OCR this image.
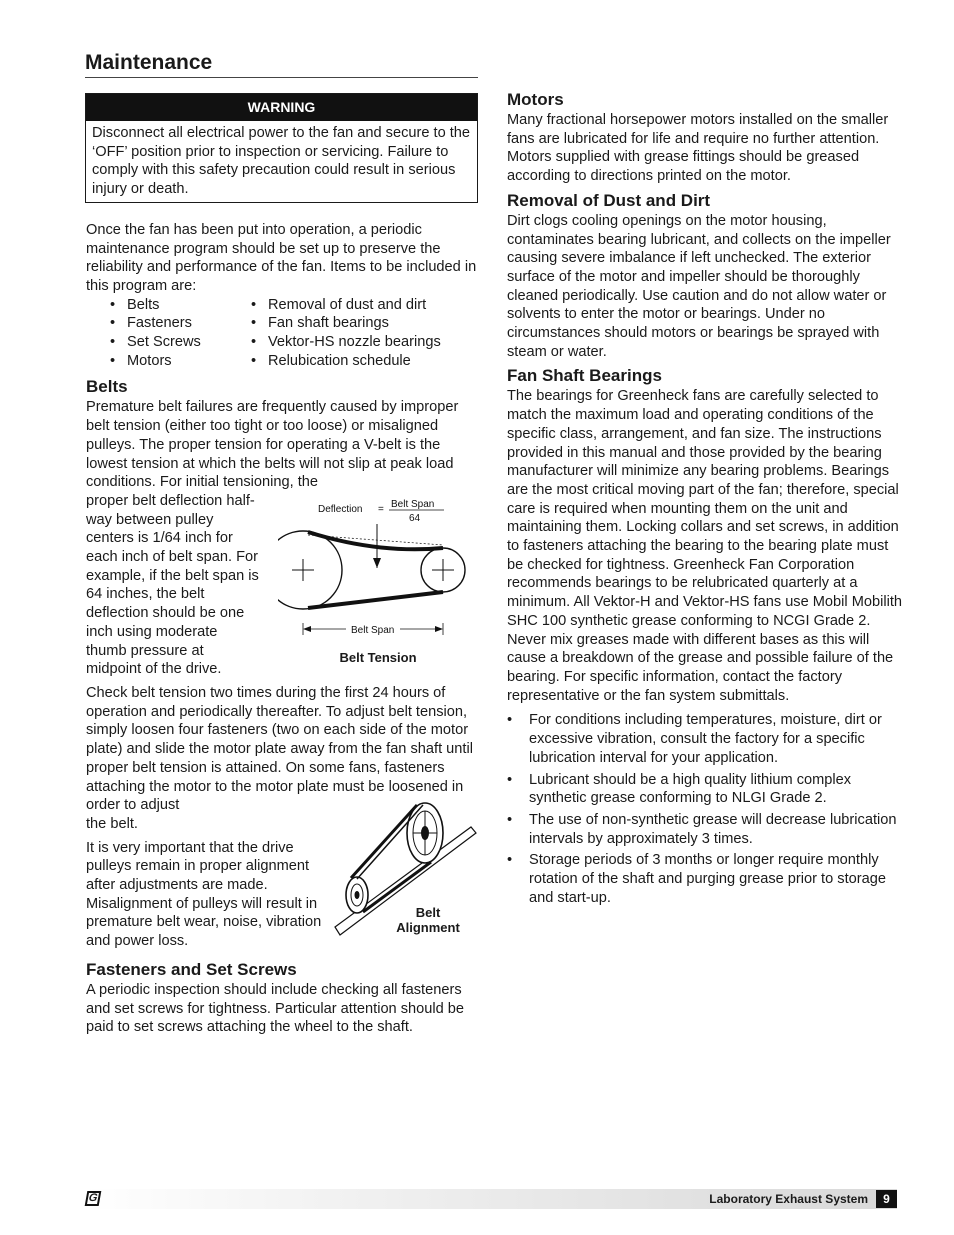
Maintenance
WARNING
Disconnect all electrical power to the fan and secure to the ‘OFF’ position prior to inspection or servicing. Failure to comply with this safety precaution could result in serious injury or death.

Once the fan has been put into operation, a periodic maintenance program should be set up to preserve the reliability and performance of the fan. Items to be included in this program are:

• Belts	• Removal of dust and dirt
• Fasteners	• Fan shaft bearings
• Set Screws	• Vektor-HS nozzle bearings
• Motors	• Relubication schedule
Belts

Premature belt failures are frequently caused by improper belt tension (either too tight or too loose) or misaligned pulleys. The proper tension for operating a V-belt is the lowest tension at which the belts will not slip at peak load conditions. For initial tensioning, the

proper belt deflection half-way between pulley centers is 1/64 inch for each inch of belt span. For example, if the belt span is 64 inches, the belt deflection should be one inch using moderate thumb pressure at midpoint of the drive.

Deflection = Belt Span
64
Belt Span
Belt Tension

Check belt tension two times during the first 24 hours of operation and periodically thereafter. To adjust belt tension, simply loosen four fasteners (two on each side of the motor plate) and slide the motor plate away from the fan shaft until proper belt tension is attained. On some fans, fasteners attaching the motor to the motor plate must be loosened in order to adjust

the belt.

It is very important that the drive pulleys remain in proper alignment after adjustments are made. Misalignment of pulleys will result in premature belt wear, noise, vibration and power loss.

Belt
Alignment
Fasteners and Set Screws

A periodic inspection should include checking all fasteners and set screws for tightness. Particular attention should be paid to set screws attaching the wheel to the shaft.

Motors

Many fractional horsepower motors installed on the smaller fans are lubricated for life and require no further attention. Motors supplied with grease fittings should be greased according to directions printed on the motor.

Removal of Dust and Dirt

Dirt clogs cooling openings on the motor housing, contaminates bearing lubricant, and collects on the impeller causing severe imbalance if left unchecked. The exterior surface of the motor and impeller should be thoroughly cleaned periodically. Use caution and do not allow water or solvents to enter the motor or bearings. Under no circumstances should motors or bearings be sprayed with steam or water.

Fan Shaft Bearings

The bearings for Greenheck fans are carefully selected to match the maximum load and operating conditions of the specific class, arrangement, and fan size. The instructions provided in this manual and those provided by the bearing manufacturer will minimize any bearing problems. Bearings are the most critical moving part of the fan; therefore, special care is required when mounting them on the unit and maintaining them. Locking collars and set screws, in addition to fasteners attaching the bearing to the bearing plate must be checked for tightness. Greenheck Fan Corporation recommends bearings to be relubricated quarterly at a minimum. All Vektor-H and Vektor-HS fans use Mobil Mobilith SHC 100 synthetic grease conforming to NCGI Grade 2. Never mix greases made with different bases as this will cause a breakdown of the grease and possible failure of the bearing. For specific information, contact the factory representative or the fan system submittals.

• For conditions including temperatures, moisture, dirt or excessive vibration, consult the factory for a specific lubrication interval for your application.
• Lubricant should be a high quality lithium complex synthetic grease conforming to NLGI Grade 2.
• The use of non-synthetic grease will decrease lubrication intervals by approximately 3 times.
• Storage periods of 3 months or longer require monthly rotation of the shaft and purging grease prior to storage and start-up.
G	Laboratory Exhaust System	9
